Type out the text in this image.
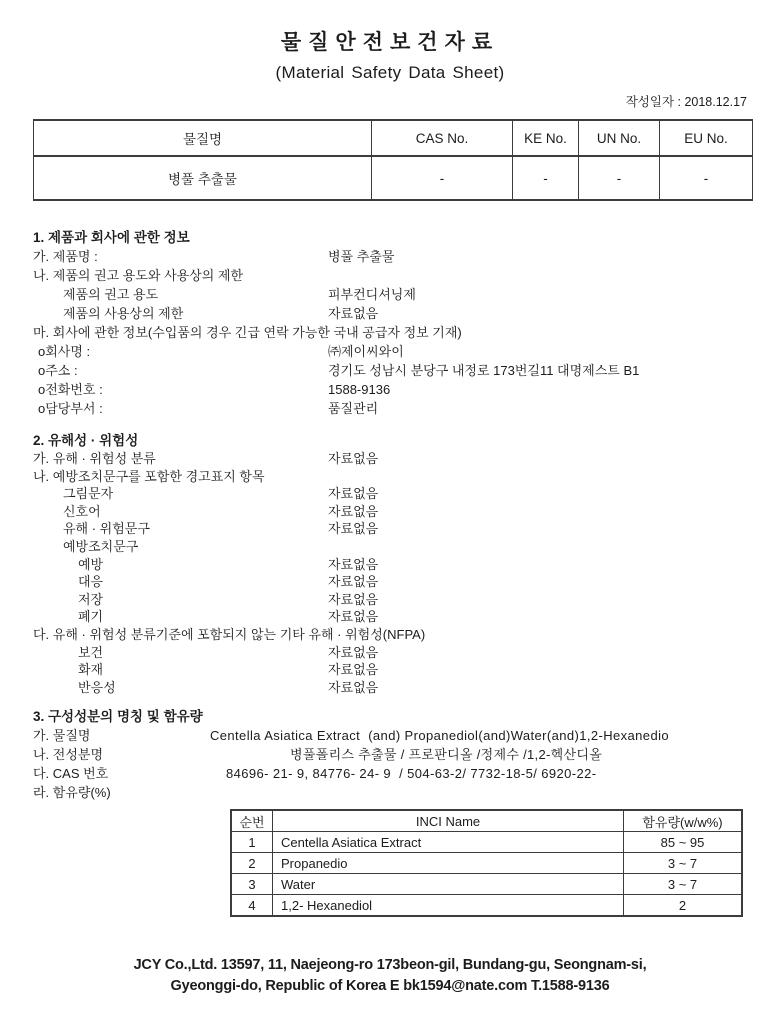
물질안전보건자료
(Material Safety Data Sheet)
작성일자 : 2018.12.17
물질명	CAS No.	KE No.	UN No.	EU No.
병풀 추출물	-	-	-	-
1. 제품과 회사에 관한 정보
가. 제품명 :	병풀 추출물
나. 제품의 권고 용도와 사용상의 제한
제품의 권고 용도	피부컨디셔닝제
제품의 사용상의 제한	자료없음
마. 회사에 관한 정보(수입품의 경우 긴급 연락 가능한 국내 공급자 정보 기재)
o회사명 :	㈜제이씨와이
o주소 :	경기도 성남시 분당구 내정로 173번길11 대명제스트 B1
o전화번호 :	1588-9136
o담당부서 :	품질관리
2. 유해성 · 위험성
가. 유해 · 위험성 분류	자료없음
나. 예방조치문구를 포함한 경고표지 항목
그림문자	자료없음
신호어	자료없음
유해 · 위험문구	자료없음
예방조치문구
예방	자료없음
대응	자료없음
저장	자료없음
폐기	자료없음
다. 유해 · 위험성 분류기준에 포함되지 않는 기타 유해 · 위험성(NFPA)
보건	자료없음
화재	자료없음
반응성	자료없음
3. 구성성분의 명칭 및 함유량
가. 물질명	Centella Asiatica Extract  (and) Propanediol(and)Water(and)1,2-Hexanedio
나. 전성분명	병풀폴리스 추출물 / 프로판디올 /정제수 /1,2-헥산디올
다. CAS 번호	84696- 21- 9, 84776- 24- 9  / 504-63-2/ 7732-18-5/ 6920-22-
라. 함유량(%)
순번	INCI Name	함유량(w/w%)
1	Centella Asiatica Extract	85 ~ 95
2	Propanedio	3 ~ 7
3	Water	3 ~ 7
4	1,2- Hexanediol	2
JCY Co.,Ltd. 13597, 11, Naejeong-ro 173beon-gil, Bundang-gu, Seongnam-si,
Gyeonggi-do, Republic of Korea E bk1594@nate.com T.1588-9136
